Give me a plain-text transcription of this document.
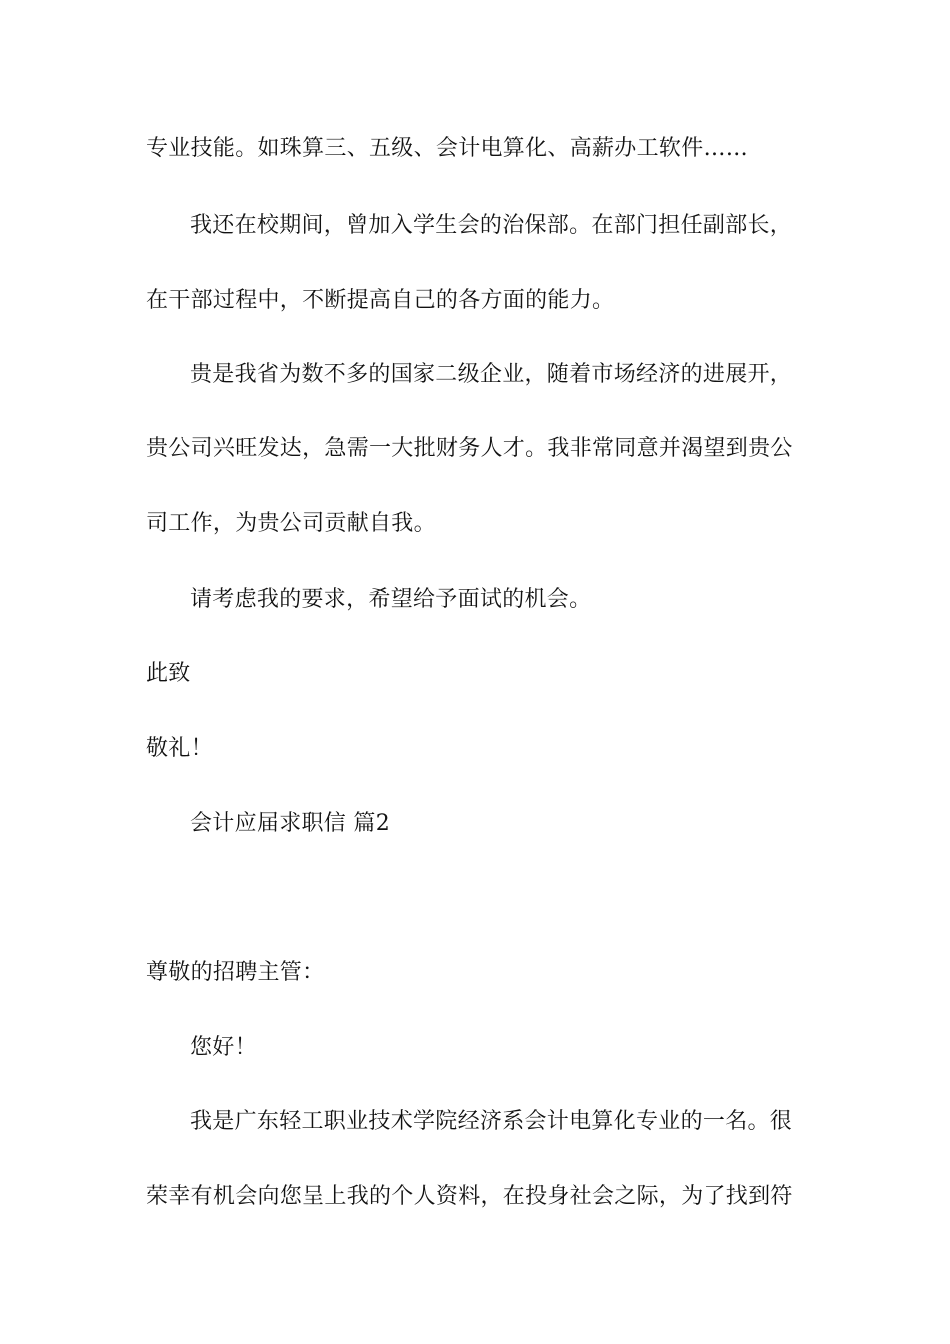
专业技能。如珠算三、五级、会计电算化、高薪办工软件……
我还在校期间，曾加入学生会的治保部。在部门担任副部长，
在干部过程中，不断提高自己的各方面的能力。
贵是我省为数不多的国家二级企业，随着市场经济的进展开，
贵公司兴旺发达，急需一大批财务人才。我非常同意并渴望到贵公
司工作，为贵公司贡献自我。
请考虑我的要求，希望给予面试的机会。
此致
敬礼！
会计应届求职信 篇2
尊敬的招聘主管：
您好！
我是广东轻工职业技术学院经济系会计电算化专业的一名。很
荣幸有机会向您呈上我的个人资料，在投身社会之际，为了找到符
